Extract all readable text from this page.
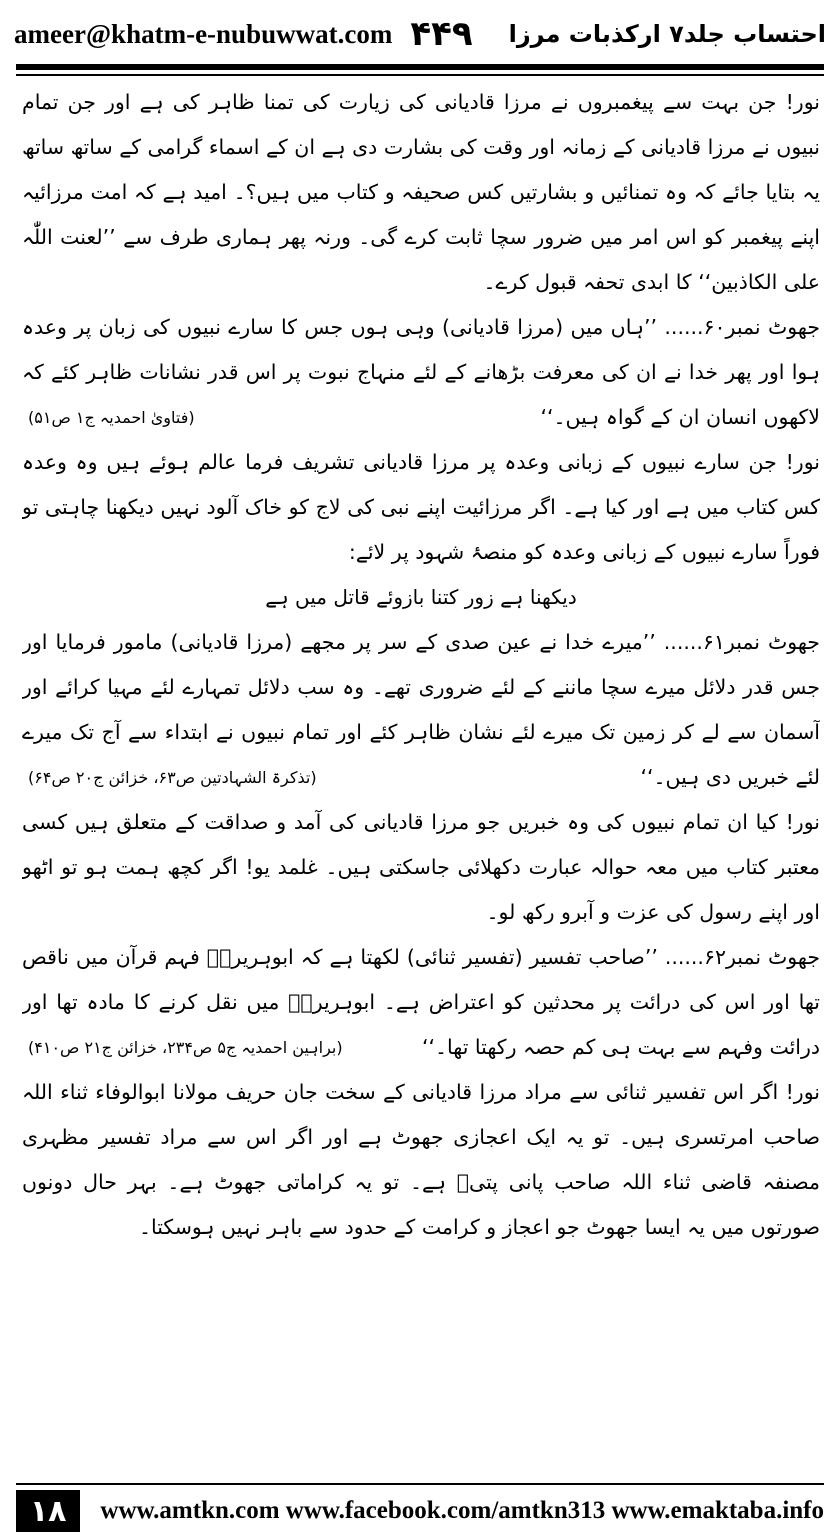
ameer@khatm-e-nubuwwat.com ۴۴۹ احتساب جلد۷ ارکذبات مرزا

نور! جن بہت سے پیغمبروں نے مرزا قادیانی کی زیارت کی تمنا ظاہر کی ہے اور جن تمام نبیوں نے مرزا قادیانی کے زمانہ اور وقت کی بشارت دی ہے ان کے اسماء گرامی کے ساتھ ساتھ یہ بتایا جائے کہ وہ تمنائیں و بشارتیں کس صحیفہ و کتاب میں ہیں؟۔ امید ہے کہ امت مرزائیہ اپنے پیغمبر کو اس امر میں ضرور سچا ثابت کرے گی۔ ورنہ پھر ہماری طرف سے ’’لعنت اللّٰہ علی الکاذبین‘‘ کا ابدی تحفہ قبول کرے۔

جھوٹ نمبر۶۰...... ’’ہاں میں (مرزا قادیانی) وہی ہوں جس کا سارے نبیوں کی زبان پر وعدہ ہوا اور پھر خدا نے ان کی معرفت بڑھانے کے لئے منہاج نبوت پر اس قدر نشانات ظاہر کئے کہ لاکھوں انسان ان کے گواہ ہیں۔‘‘

(فتاویٰ احمدیہ ج۱ ص۵۱)

نور! جن سارے نبیوں کے زبانی وعدہ پر مرزا قادیانی تشریف فرما عالم ہوئے ہیں وہ وعدہ کس کتاب میں ہے اور کیا ہے۔ اگر مرزائیت اپنے نبی کی لاج کو خاک آلود نہیں دیکھنا چاہتی تو فوراً سارے نبیوں کے زبانی وعدہ کو منصۂ شہود پر لائے:

دیکھنا ہے زور کتنا بازوئے قاتل میں ہے

جھوٹ نمبر۶۱...... ’’میرے خدا نے عین صدی کے سر پر مجھے (مرزا قادیانی) مامور فرمایا اور جس قدر دلائل میرے سچا ماننے کے لئے ضروری تھے۔ وہ سب دلائل تمہارے لئے مہیا کرائے اور آسمان سے لے کر زمین تک میرے لئے نشان ظاہر کئے اور تمام نبیوں نے ابتداء سے آج تک میرے لئے خبریں دی ہیں۔‘‘

(تذکرۃ الشہادتین ص۶۳، خزائن ج۲۰ ص۶۴)

نور! کیا ان تمام نبیوں کی وہ خبریں جو مرزا قادیانی کی آمد و صداقت کے متعلق ہیں کسی معتبر کتاب میں معہ حوالہ عبارت دکھلائی جاسکتی ہیں۔ غلمد یو! اگر کچھ ہمت ہو تو اٹھو اور اپنے رسول کی عزت و آبرو رکھ لو۔

جھوٹ نمبر۶۲...... ’’صاحب تفسیر (تفسیر ثنائی) لکھتا ہے کہ ابوہریرہؓ فہم قرآن میں ناقص تھا اور اس کی درائت پر محدثین کو اعتراض ہے۔ ابوہریرہؓ میں نقل کرنے کا مادہ تھا اور درائت وفہم سے بہت ہی کم حصہ رکھتا تھا۔‘‘

(براہین احمدیہ ج۵ ص۲۳۴، خزائن ج۲۱ ص۴۱۰)

نور! اگر اس تفسیر ثنائی سے مراد مرزا قادیانی کے سخت جان حریف مولانا ابوالوفاء ثناء اللہ صاحب امرتسری ہیں۔ تو یہ ایک اعجازی جھوٹ ہے اور اگر اس سے مراد تفسیر مظہری مصنفہ قاضی ثناء اللہ صاحب پانی پتیؒ ہے۔ تو یہ کراماتی جھوٹ ہے۔ بہر حال دونوں صورتوں میں یہ ایسا جھوٹ جو اعجاز و کرامت کے حدود سے باہر نہیں ہوسکتا۔

۱۸	www.amtkn.com www.facebook.com/amtkn313 www.emaktaba.info
